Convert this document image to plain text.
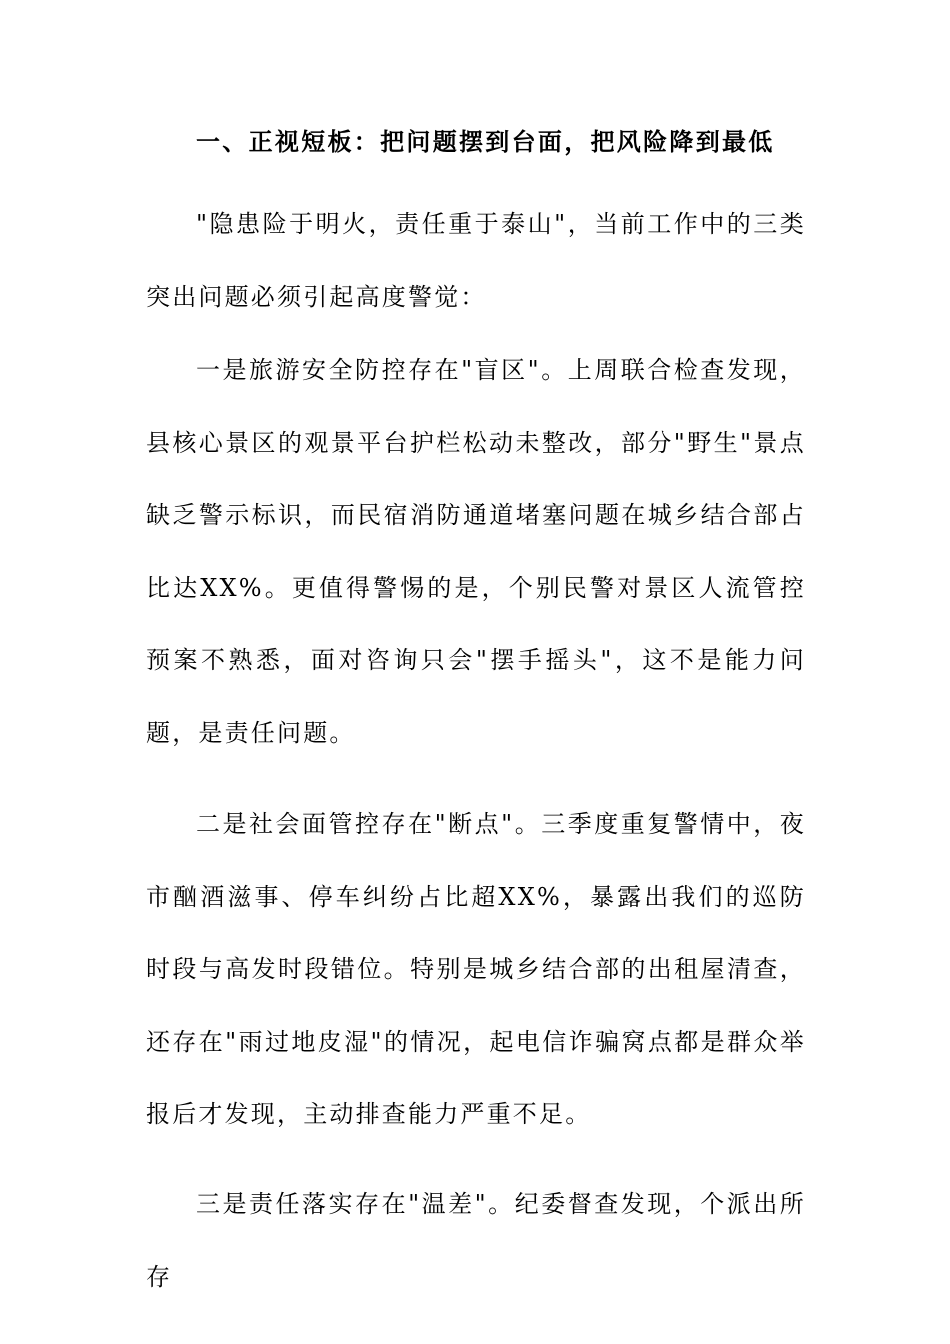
一、正视短板：把问题摆到台面，把风险降到最低

"隐患险于明火，责任重于泰山"，当前工作中的三类突出问题必须引起高度警觉：

一是旅游安全防控存在"盲区"。上周联合检查发现，县核心景区的观景平台护栏松动未整改，部分"野生"景点缺乏警示标识，而民宿消防通道堵塞问题在城乡结合部占比达XX%。更值得警惕的是，个别民警对景区人流管控预案不熟悉，面对咨询只会"摆手摇头"，这不是能力问题，是责任问题。

二是社会面管控存在"断点"。三季度重复警情中，夜市酗酒滋事、停车纠纷占比超XX%，暴露出我们的巡防时段与高发时段错位。特别是城乡结合部的出租屋清查，还存在"雨过地皮湿"的情况，起电信诈骗窝点都是群众举报后才发现，主动排查能力严重不足。

三是责任落实存在"温差"。纪委督查发现，个派出所存
